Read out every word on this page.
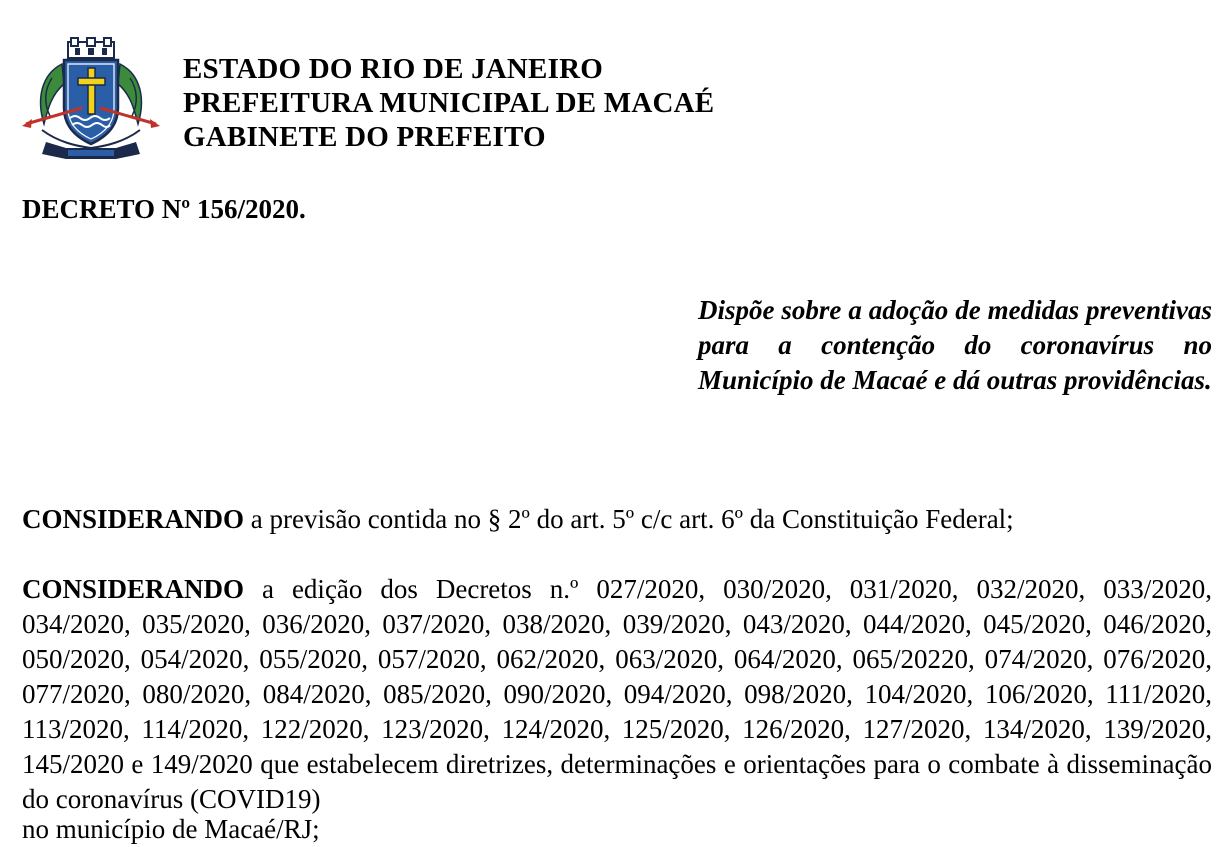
ESTADO DO RIO DE JANEIRO
PREFEITURA MUNICIPAL DE MACAÉ
GABINETE DO PREFEITO
DECRETO Nº 156/2020.
Dispõe sobre a adoção de medidas preventivas para a contenção do coronavírus no Município de Macaé e dá outras providências.

CONSIDERANDO a previsão contida no § 2º do art. 5º c/c art. 6º da Constituição Federal;

CONSIDERANDO a edição dos Decretos n.º 027/2020, 030/2020, 031/2020, 032/2020, 033/2020, 034/2020, 035/2020, 036/2020, 037/2020, 038/2020, 039/2020, 043/2020, 044/2020, 045/2020, 046/2020, 050/2020, 054/2020, 055/2020, 057/2020, 062/2020, 063/2020, 064/2020, 065/20220, 074/2020, 076/2020, 077/2020, 080/2020, 084/2020, 085/2020, 090/2020, 094/2020, 098/2020, 104/2020, 106/2020, 111/2020, 113/2020, 114/2020, 122/2020, 123/2020, 124/2020, 125/2020, 126/2020, 127/2020, 134/2020, 139/2020, 145/2020 e 149/2020 que estabelecem diretrizes, determinações e orientações para o combate à disseminação do coronavírus (COVID19)

no município de Macaé/RJ;
